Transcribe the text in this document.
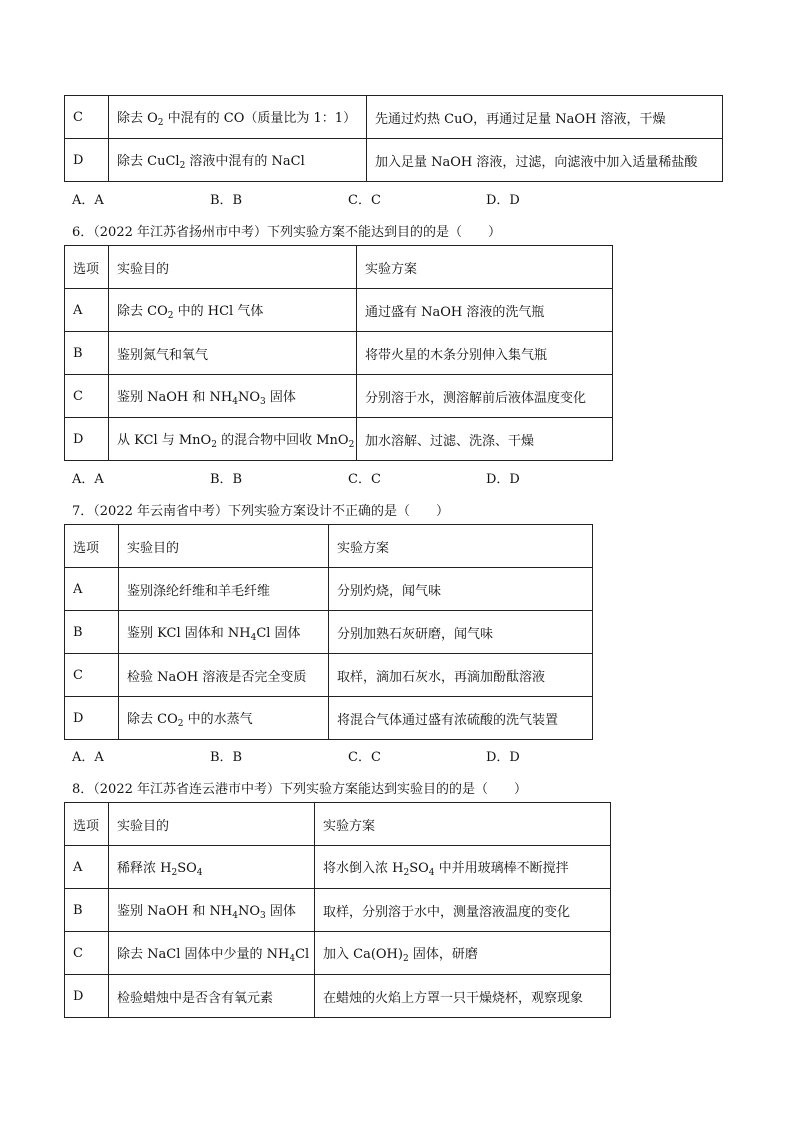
C	除去 $O_2$ 中混有的 CO（质量比为 1：1）	先通过灼热 CuO，再通过足量 NaOH 溶液，干燥
D	除去 CuCl$_2$ 溶液中混有的 NaCl	加入足量 NaOH 溶液，过滤，向滤液中加入适量稀盐酸
A．A	B．B	C．C	D．D
6．（2022 年江苏省扬州市中考）下列实验方案不能达到目的的是（　　）
选项	实验目的	实验方案
A	除去 $CO_2$ 中的 HCl 气体	通过盛有 NaOH 溶液的洗气瓶
B	鉴别氮气和氧气	将带火星的木条分别伸入集气瓶
C	鉴别 NaOH 和 $NH_4NO_3$ 固体	分别溶于水，测溶解前后液体温度变化
D	从 KCl 与 MnO$_2$ 的混合物中回收 MnO$_2$	加水溶解、过滤、洗涤、干燥
A．A	B．B	C．C	D．D
7．（2022 年云南省中考）下列实验方案设计不正确的是（　　）
选项	实验目的	实验方案
A	鉴别涤纶纤维和羊毛纤维	分别灼烧，闻气味
B	鉴别 KCl 固体和 $NH_4Cl$ 固体	分别加熟石灰研磨，闻气味
C	检验 NaOH 溶液是否完全变质	取样，滴加石灰水，再滴加酚酞溶液
D	除去 $CO_2$ 中的水蒸气	将混合气体通过盛有浓硫酸的洗气装置
A．A	B．B	C．C	D．D
8．（2022 年江苏省连云港市中考）下列实验方案能达到实验目的的是（　　）
选项	实验目的	实验方案
A	稀释浓 $H_2SO_4$	将水倒入浓 $H_2SO_4$ 中并用玻璃棒不断搅拌
B	鉴别 NaOH 和 $NH_4NO_3$ 固体	取样，分别溶于水中，测量溶液温度的变化
C	除去 NaCl 固体中少量的 $NH_4Cl$	加入 $Ca(OH)_2$ 固体，研磨
D	检验蜡烛中是否含有氧元素	在蜡烛的火焰上方罩一只干燥烧杯，观察现象
